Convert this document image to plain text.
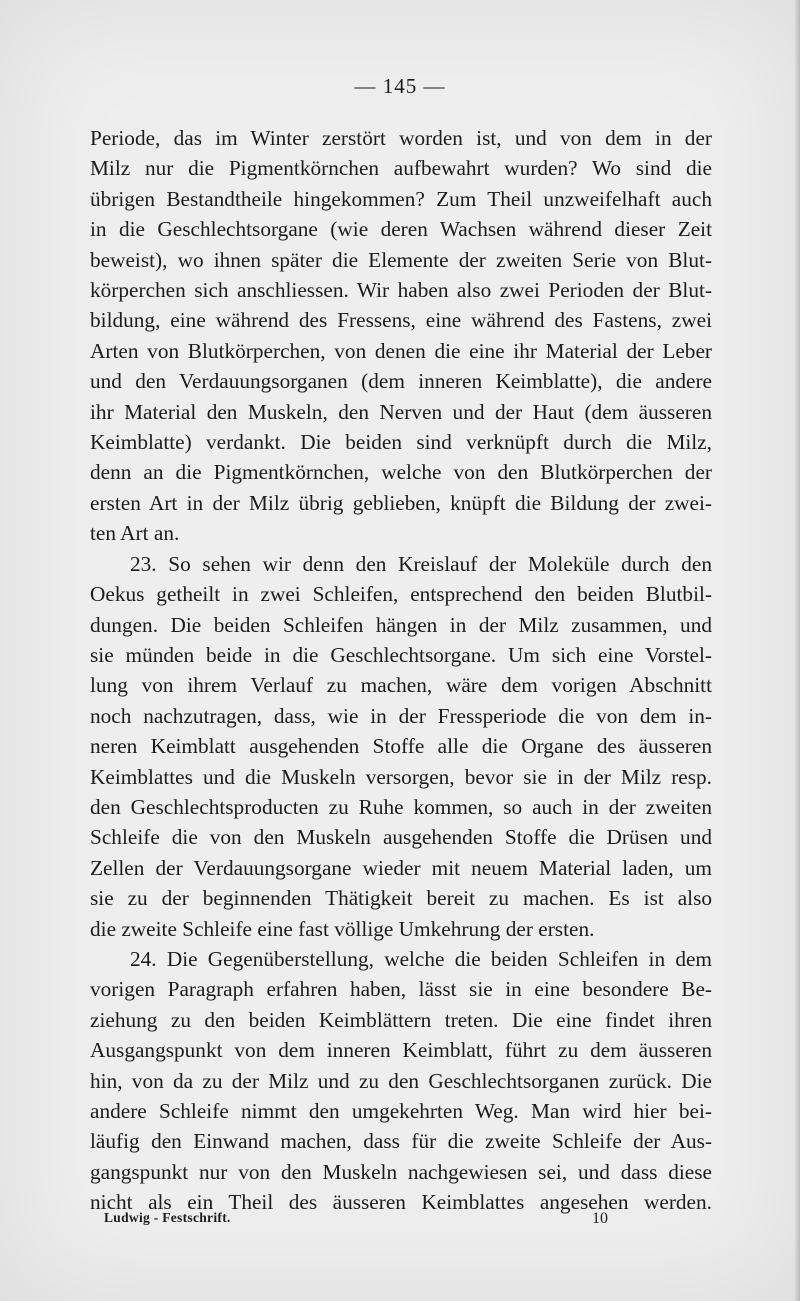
— 145 —
Periode, das im Winter zerstört worden ist, und von dem in der
Milz nur die Pigmentkörnchen aufbewahrt wurden? Wo sind die
übrigen Bestandtheile hingekommen? Zum Theil unzweifelhaft auch
in die Geschlechtsorgane (wie deren Wachsen während dieser Zeit
beweist), wo ihnen später die Elemente der zweiten Serie von Blut-
körperchen sich anschliessen. Wir haben also zwei Perioden der Blut-
bildung, eine während des Fressens, eine während des Fastens, zwei
Arten von Blutkörperchen, von denen die eine ihr Material der Leber
und den Verdauungsorganen (dem inneren Keimblatte), die andere
ihr Material den Muskeln, den Nerven und der Haut (dem äusseren
Keimblatte) verdankt. Die beiden sind verknüpft durch die Milz,
denn an die Pigmentkörnchen, welche von den Blutkörperchen der
ersten Art in der Milz übrig geblieben, knüpft die Bildung der zwei-
ten Art an.
23. So sehen wir denn den Kreislauf der Moleküle durch den
Oekus getheilt in zwei Schleifen, entsprechend den beiden Blutbil-
dungen. Die beiden Schleifen hängen in der Milz zusammen, und
sie münden beide in die Geschlechtsorgane. Um sich eine Vorstel-
lung von ihrem Verlauf zu machen, wäre dem vorigen Abschnitt
noch nachzutragen, dass, wie in der Fressperiode die von dem in-
neren Keimblatt ausgehenden Stoffe alle die Organe des äusseren
Keimblattes und die Muskeln versorgen, bevor sie in der Milz resp.
den Geschlechtsproducten zu Ruhe kommen, so auch in der zweiten
Schleife die von den Muskeln ausgehenden Stoffe die Drüsen und
Zellen der Verdauungsorgane wieder mit neuem Material laden, um
sie zu der beginnenden Thätigkeit bereit zu machen. Es ist also
die zweite Schleife eine fast völlige Umkehrung der ersten.
24. Die Gegenüberstellung, welche die beiden Schleifen in dem
vorigen Paragraph erfahren haben, lässt sie in eine besondere Be-
ziehung zu den beiden Keimblättern treten. Die eine findet ihren
Ausgangspunkt von dem inneren Keimblatt, führt zu dem äusseren
hin, von da zu der Milz und zu den Geschlechtsorganen zurück. Die
andere Schleife nimmt den umgekehrten Weg. Man wird hier bei-
läufig den Einwand machen, dass für die zweite Schleife der Aus-
gangspunkt nur von den Muskeln nachgewiesen sei, und dass diese
nicht als ein Theil des äusseren Keimblattes angesehen werden.
Ludwig - Festschrift.	10
